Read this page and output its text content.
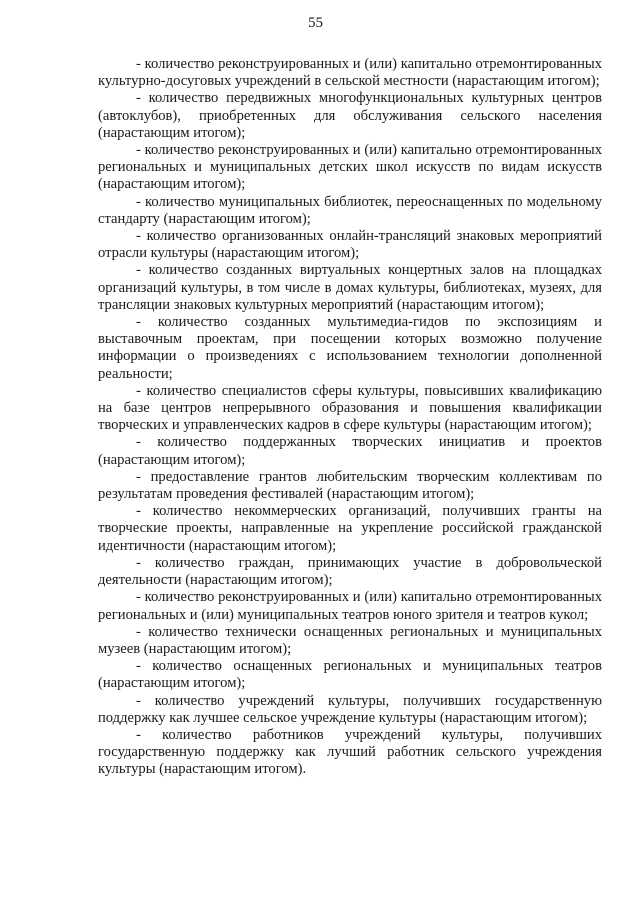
55

- количество реконструированных и (или) капитально отремонтированных культурно-досуговых учреждений в сельской местности (нарастающим итогом);

- количество передвижных многофункциональных культурных центров (автоклубов), приобретенных для обслуживания сельского населения (нарастающим итогом);

- количество реконструированных и (или) капитально отремонтированных региональных и муниципальных детских школ искусств по видам искусств (нарастающим итогом);

- количество муниципальных библиотек, переоснащенных по модельному стандарту (нарастающим итогом);

- количество организованных онлайн-трансляций знаковых мероприятий отрасли культуры (нарастающим итогом);

- количество созданных виртуальных концертных залов на площадках организаций культуры, в том числе в домах культуры, библиотеках, музеях, для трансляции знаковых культурных мероприятий (нарастающим итогом);

- количество созданных мультимедиа-гидов по экспозициям и выставочным проектам, при посещении которых возможно получение информации о произведениях с использованием технологии дополненной реальности;

- количество специалистов сферы культуры, повысивших квалификацию на базе центров непрерывного образования и повышения квалификации творческих и управленческих кадров в сфере культуры (нарастающим итогом);

- количество поддержанных творческих инициатив и проектов (нарастающим итогом);

- предоставление грантов любительским творческим коллективам по результатам проведения фестивалей (нарастающим итогом);

- количество некоммерческих организаций, получивших гранты на творческие проекты, направленные на укрепление российской гражданской идентичности (нарастающим итогом);

- количество граждан, принимающих участие в добровольческой деятельности (нарастающим итогом);

- количество реконструированных и (или) капитально отремонтированных региональных и (или) муниципальных театров юного зрителя и театров кукол;

- количество технически оснащенных региональных и муниципальных музеев (нарастающим итогом);

- количество оснащенных региональных и муниципальных театров (нарастающим итогом);

- количество учреждений культуры, получивших государственную поддержку как лучшее сельское учреждение культуры (нарастающим итогом);

- количество работников учреждений культуры, получивших государственную поддержку как лучший работник сельского учреждения культуры (нарастающим итогом).
